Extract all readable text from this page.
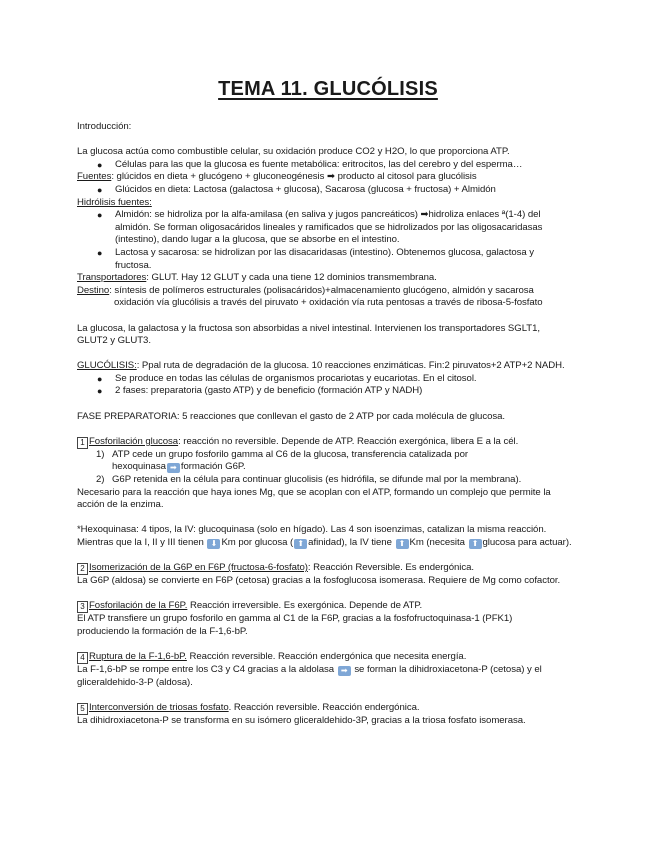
TEMA 11. GLUCÓLISIS

Introducción:

La glucosa actúa como combustible celular, su oxidación produce CO2 y H2O, lo que proporciona ATP.

● Células para las que la glucosa es fuente metabólica: eritrocitos, las del cerebro y del esperma…

Fuentes: glúcidos en dieta + glucógeno + gluconeogénesis ➡ producto al citosol para glucólisis

● Glúcidos en dieta: Lactosa (galactosa + glucosa), Sacarosa (glucosa + fructosa) + Almidón

Hidrólisis fuentes:

● Almidón: se hidroliza por la alfa-amilasa (en saliva y jugos pancreáticos) ➡hidroliza enlaces ª(1-4) del

almidón. Se forman oligosacáridos lineales y ramificados que se hidrolizados por las oligosacaridasas

(intestino), dando lugar a la glucosa, que se absorbe en el intestino.

● Lactosa y sacarosa: se hidrolizan por las disacaridasas (intestino). Obtenemos glucosa, galactosa y

fructosa.

Transportadores: GLUT. Hay 12 GLUT y cada una tiene 12 dominios transmembrana.

Destino: síntesis de polímeros estructurales (polisacáridos)+almacenamiento glucógeno, almidón y sacarosa

oxidación vía glucólisis a través del piruvato + oxidación vía ruta pentosas a través de ribosa-5-fosfato

La glucosa, la galactosa y la fructosa son absorbidas a nivel intestinal. Intervienen los transportadores SGLT1,

GLUT2 y GLUT3.

GLUCÓLISIS:: Ppal ruta de degradación de la glucosa. 10 reacciones enzimáticas. Fin:2 piruvatos+2 ATP+2 NADH.

● Se produce en todas las células de organismos procariotas y eucariotas. En el citosol.

● 2 fases: preparatoria (gasto ATP) y de beneficio (formación ATP y NADH)

FASE PREPARATORIA: 5 reacciones que conllevan el gasto de 2 ATP por cada molécula de glucosa.

1 Fosforilación glucosa: reacción no reversible. Depende de ATP. Reacción exergónica, libera E a la cél.

1) ATP cede un grupo fosforilo gamma al C6 de la glucosa, transferencia catalizada por

hexoquinasa ➡ formación G6P.

2) G6P retenida en la célula para continuar glucolisis (es hidrófila, se difunde mal por la membrana).

Necesario para la reacción que haya iones Mg, que se acoplan con el ATP, formando un complejo que permite la

acción de la enzima.

*Hexoquinasa: 4 tipos, la IV: glucoquinasa (solo en hígado). Las 4 son isoenzimas, catalizan la misma reacción.

Mientras que la I, II y III tienen ⬇ Km por glucosa ( ⬆ afinidad), la IV tiene ⬆ Km (necesita ⬆ glucosa para actuar).

2 Isomerización de la G6P en F6P (fructosa-6-fosfato): Reacción Reversible. Es endergónica.

La G6P (aldosa) se convierte en F6P (cetosa) gracias a la fosfoglucosa isomerasa. Requiere de Mg como cofactor.

3 Fosforilación de la F6P. Reacción irreversible. Es exergónica. Depende de ATP.

El ATP transfiere un grupo fosforilo en gamma al C1 de la F6P, gracias a la fosfofructoquinasa-1 (PFK1)

produciendo la formación de la F-1,6-bP.

4 Ruptura de la F-1,6-bP. Reacción reversible. Reacción endergónica que necesita energía.

La F-1,6-bP se rompe entre los C3 y C4 gracias a la aldolasa ➡ se forman la dihidroxiacetona-P (cetosa) y el

gliceraldehido-3-P (aldosa).

5 Interconversión de triosas fosfato. Reacción reversible. Reacción endergónica.

La dihidroxiacetona-P se transforma en su isómero gliceraldehido-3P, gracias a la triosa fosfato isomerasa.
